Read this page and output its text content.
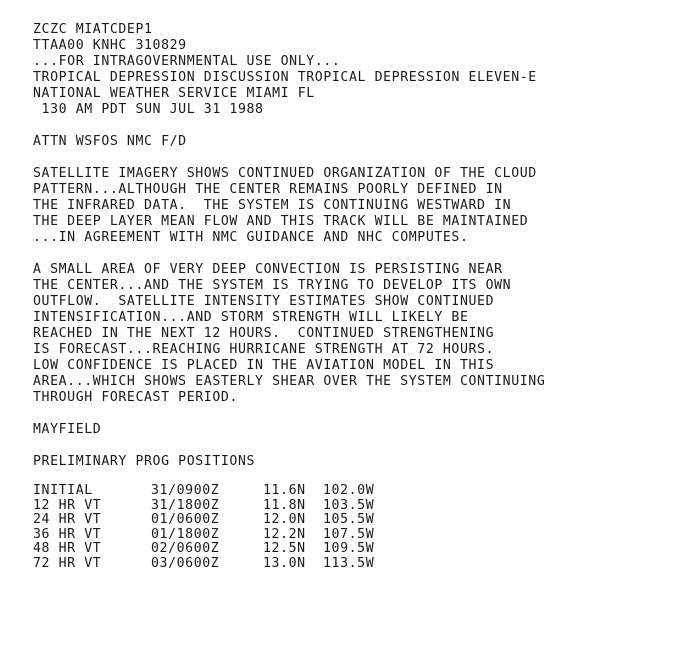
ZCZC MIATCDEP1
TTAA00 KNHC 310829
...FOR INTRAGOVERNMENTAL USE ONLY...
TROPICAL DEPRESSION DISCUSSION TROPICAL DEPRESSION ELEVEN-E
NATIONAL WEATHER SERVICE MIAMI FL
130 AM PDT SUN JUL 31 1988
ATTN WSFOS NMC F/D
SATELLITE IMAGERY SHOWS CONTINUED ORGANIZATION OF THE CLOUD
PATTERN...ALTHOUGH THE CENTER REMAINS POORLY DEFINED IN
THE INFRARED DATA.  THE SYSTEM IS CONTINUING WESTWARD IN
THE DEEP LAYER MEAN FLOW AND THIS TRACK WILL BE MAINTAINED
...IN AGREEMENT WITH NMC GUIDANCE AND NHC COMPUTES.
A SMALL AREA OF VERY DEEP CONVECTION IS PERSISTING NEAR
THE CENTER...AND THE SYSTEM IS TRYING TO DEVELOP ITS OWN
OUTFLOW.  SATELLITE INTENSITY ESTIMATES SHOW CONTINUED
INTENSIFICATION...AND STORM STRENGTH WILL LIKELY BE
REACHED IN THE NEXT 12 HOURS.  CONTINUED STRENGTHENING
IS FORECAST...REACHING HURRICANE STRENGTH AT 72 HOURS.
LOW CONFIDENCE IS PLACED IN THE AVIATION MODEL IN THIS
AREA...WHICH SHOWS EASTERLY SHEAR OVER THE SYSTEM CONTINUING
THROUGH FORECAST PERIOD.
MAYFIELD
PRELIMINARY PROG POSITIONS
INITIAL	31/0900Z	11.6N	102.0W
12 HR VT	31/1800Z	11.8N	103.5W
24 HR VT	01/0600Z	12.0N	105.5W
36 HR VT	01/1800Z	12.2N	107.5W
48 HR VT	02/0600Z	12.5N	109.5W
72 HR VT	03/0600Z	13.0N	113.5W
